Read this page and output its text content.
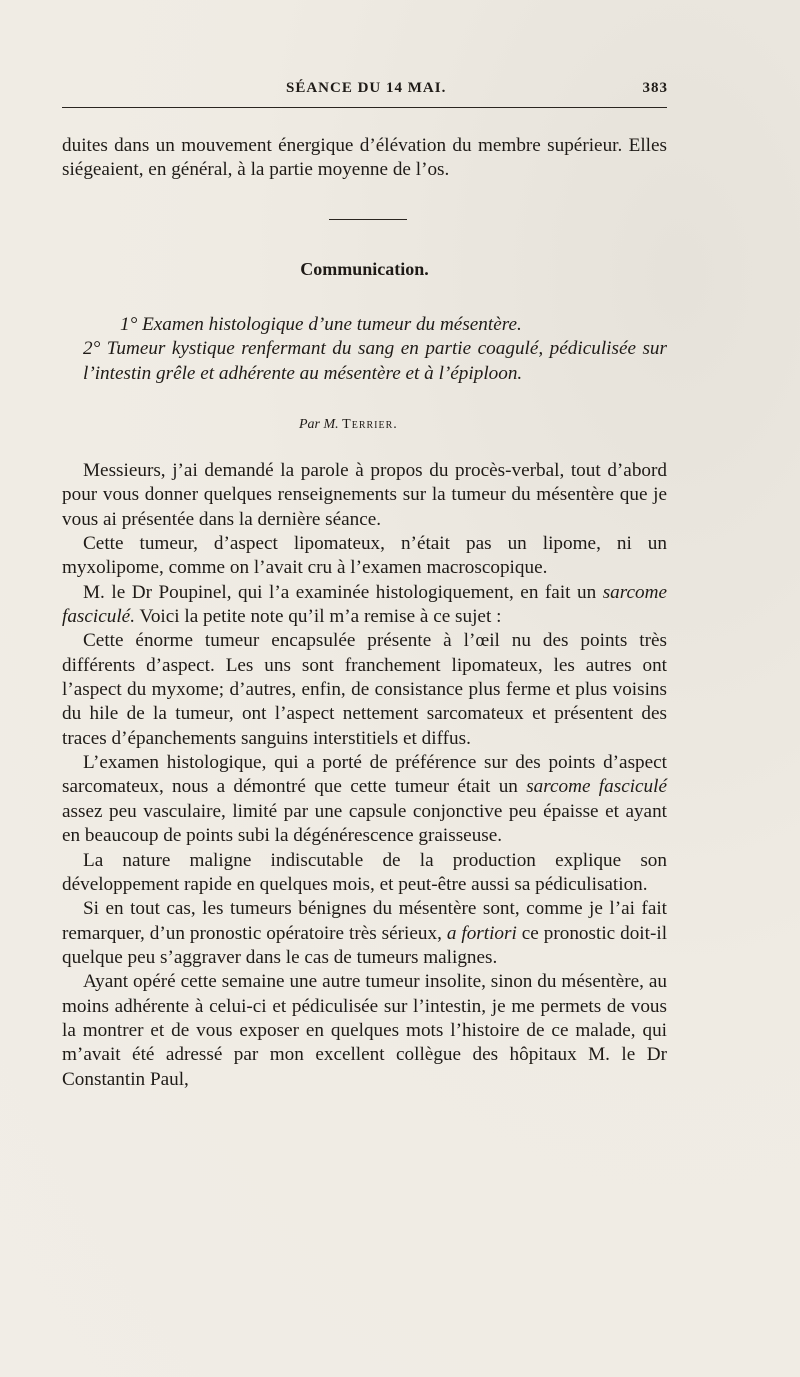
SÉANCE DU 14 MAI.	383

duites dans un mouvement énergique d’élévation du membre supérieur. Elles siégeaient, en général, à la partie moyenne de l’os.

Communication.

1° Examen histologique d’une tumeur du mésentère.

2° Tumeur kystique renfermant du sang en partie coagulé, pédiculisée sur l’intestin grêle et adhérente au mésentère et à l’épiploon.

Par M. Terrier.

Messieurs, j’ai demandé la parole à propos du procès-verbal, tout d’abord pour vous donner quelques renseignements sur la tumeur du mésentère que je vous ai présentée dans la dernière séance.

Cette tumeur, d’aspect lipomateux, n’était pas un lipome, ni un myxolipome, comme on l’avait cru à l’examen macroscopique.

M. le Dr Poupinel, qui l’a examinée histologiquement, en fait un sarcome fasciculé. Voici la petite note qu’il m’a remise à ce sujet :

Cette énorme tumeur encapsulée présente à l’œil nu des points très différents d’aspect. Les uns sont franchement lipomateux, les autres ont l’aspect du myxome; d’autres, enfin, de consistance plus ferme et plus voisins du hile de la tumeur, ont l’aspect nettement sarcomateux et présentent des traces d’épanchements sanguins interstitiels et diffus.

L’examen histologique, qui a porté de préférence sur des points d’aspect sarcomateux, nous a démontré que cette tumeur était un sarcome fasciculé assez peu vasculaire, limité par une capsule conjonctive peu épaisse et ayant en beaucoup de points subi la dégénérescence graisseuse.

La nature maligne indiscutable de la production explique son développement rapide en quelques mois, et peut-être aussi sa pédiculisation.

Si en tout cas, les tumeurs bénignes du mésentère sont, comme je l’ai fait remarquer, d’un pronostic opératoire très sérieux, a fortiori ce pronostic doit-il quelque peu s’aggraver dans le cas de tumeurs malignes.

Ayant opéré cette semaine une autre tumeur insolite, sinon du mésentère, au moins adhérente à celui-ci et pédiculisée sur l’intestin, je me permets de vous la montrer et de vous exposer en quelques mots l’histoire de ce malade, qui m’avait été adressé par mon excellent collègue des hôpitaux M. le Dr Constantin Paul,
